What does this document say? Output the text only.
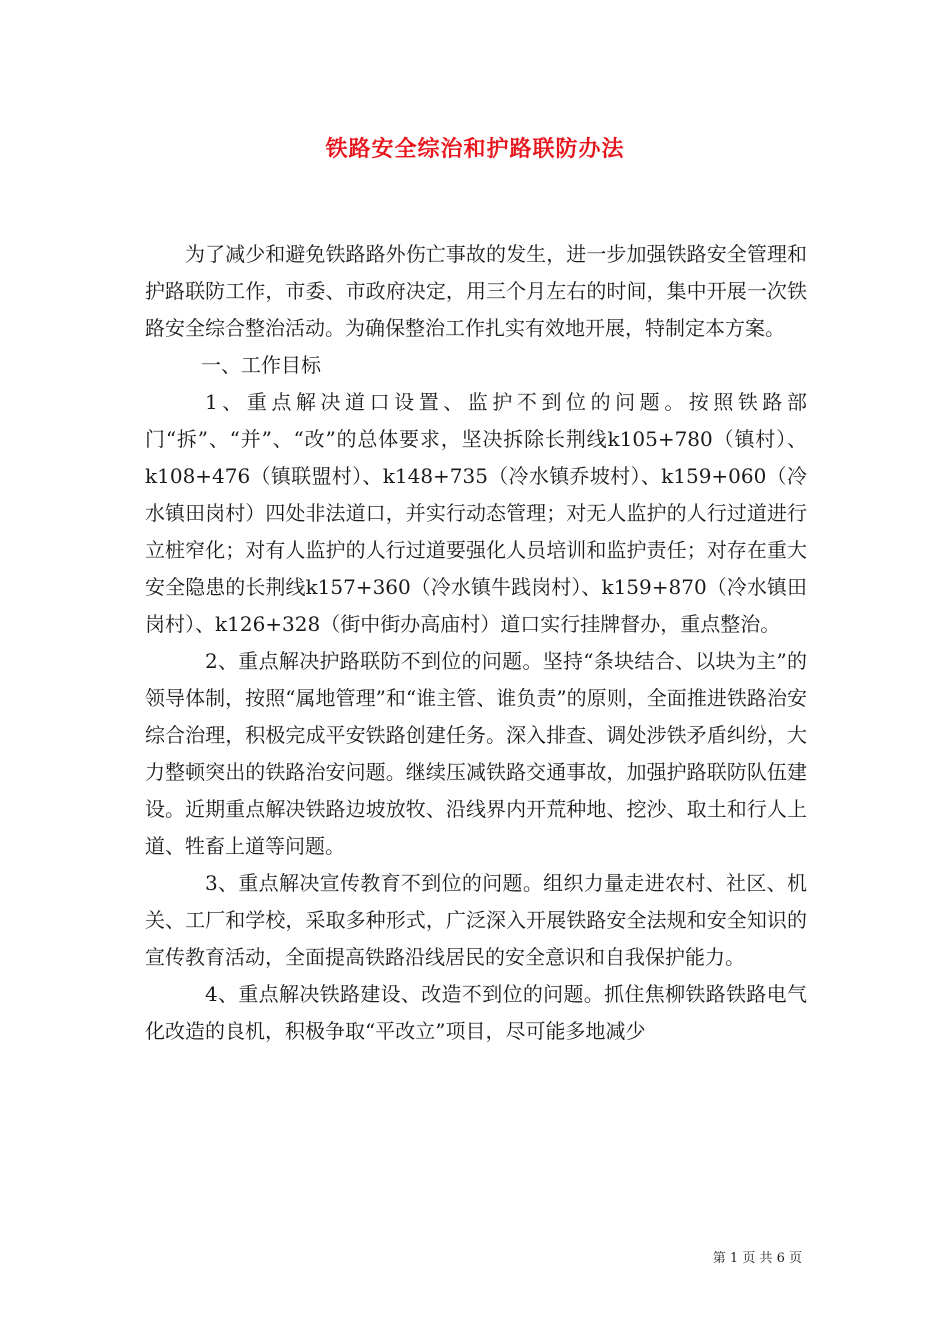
铁路安全综治和护路联防办法

为了减少和避免铁路路外伤亡事故的发生，进一步加强铁路安全管理和护路联防工作，市委、市政府决定，用三个月左右的时间，集中开展一次铁路安全综合整治活动。为确保整治工作扎实有效地开展，特制定本方案。

一、工作目标

1、重点解决道口设置、监护不到位的问题。按照铁路部门“拆”、“并”、“改”的总体要求，坚决拆除长荆线k105+780（镇村）、k108+476（镇联盟村）、k148+735（冷水镇乔坡村）、k159+060（冷水镇田岗村）四处非法道口，并实行动态管理；对无人监护的人行过道进行立桩窄化；对有人监护的人行过道要强化人员培训和监护责任；对存在重大安全隐患的长荆线k157+360（冷水镇牛践岗村）、k159+870（冷水镇田岗村）、k126+328（街中街办高庙村）道口实行挂牌督办，重点整治。

2、重点解决护路联防不到位的问题。坚持“条块结合、以块为主”的领导体制，按照“属地管理”和“谁主管、谁负责”的原则，全面推进铁路治安综合治理，积极完成平安铁路创建任务。深入排查、调处涉铁矛盾纠纷，大力整顿突出的铁路治安问题。继续压减铁路交通事故，加强护路联防队伍建设。近期重点解决铁路边坡放牧、沿线界内开荒种地、挖沙、取土和行人上道、牲畜上道等问题。

3、重点解决宣传教育不到位的问题。组织力量走进农村、社区、机关、工厂和学校，采取多种形式，广泛深入开展铁路安全法规和安全知识的宣传教育活动，全面提高铁路沿线居民的安全意识和自我保护能力。

4、重点解决铁路建设、改造不到位的问题。抓住焦柳铁路铁路电气化改造的良机，积极争取“平改立”项目，尽可能多地减少

第 1 页 共 6 页
